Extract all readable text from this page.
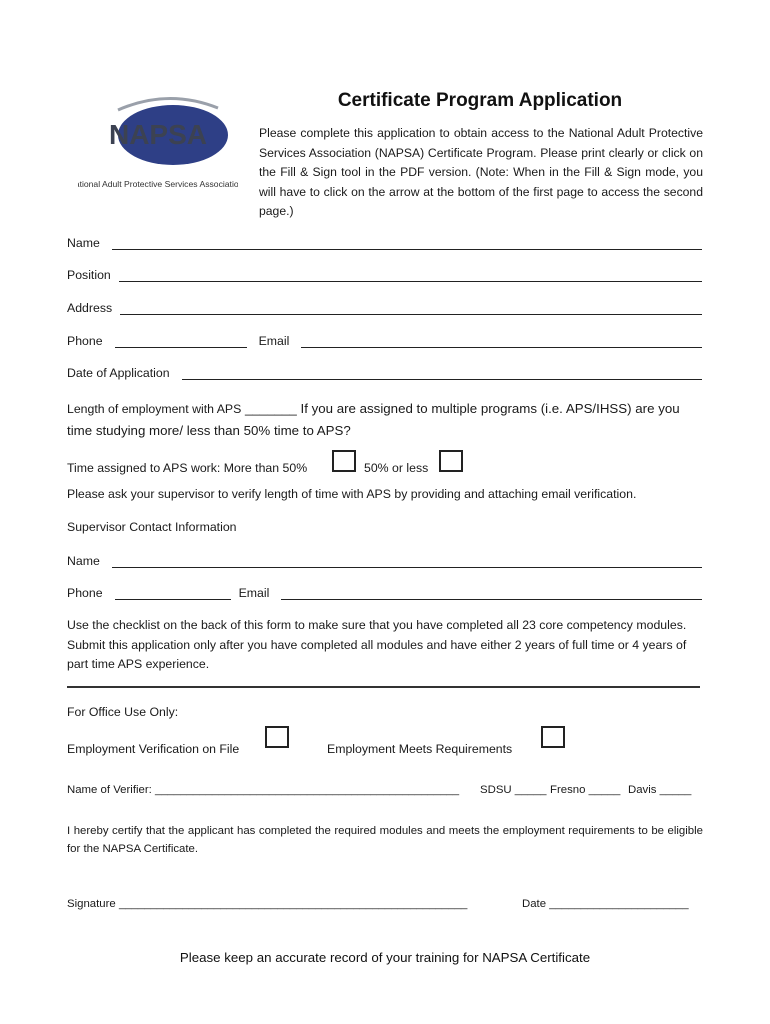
NAPSA
National Adult Protective Services Association
Certificate Program Application
Please complete this application to obtain access to the National Adult Protective Services Association (NAPSA) Certificate Program. Please print clearly or click on the Fill & Sign tool in the PDF version. (Note: When in the Fill & Sign mode, you will have to click on the arrow at the bottom of the first page to access the second page.)
Name
Position
Address
Phone	Email
Date of Application
Length of employment with APS _______ If you are assigned to multiple programs (i.e. APS/IHSS) are you time studying more/ less than 50% time to APS?
Time assigned to APS work: More than 50%	50% or less
Please ask your supervisor to verify length of time with APS by providing and attaching email verification.
Supervisor Contact Information
Name
Phone	Email
Use the checklist on the back of this form to make sure that you have completed all 23 core competency modules. Submit this application only after you have completed all modules and have either 2 years of full time or 4 years of part time APS experience.
For Office Use Only:
Employment Verification on File	Employment Meets Requirements
Name of Verifier: ________________________________________________ SDSU _____ Fresno _____ Davis _____
I hereby certify that the applicant has completed the required modules and meets the employment requirements to be eligible for the NAPSA Certificate.
Signature _______________________________________________________	Date ______________________
Please keep an accurate record of your training for NAPSA Certificate
